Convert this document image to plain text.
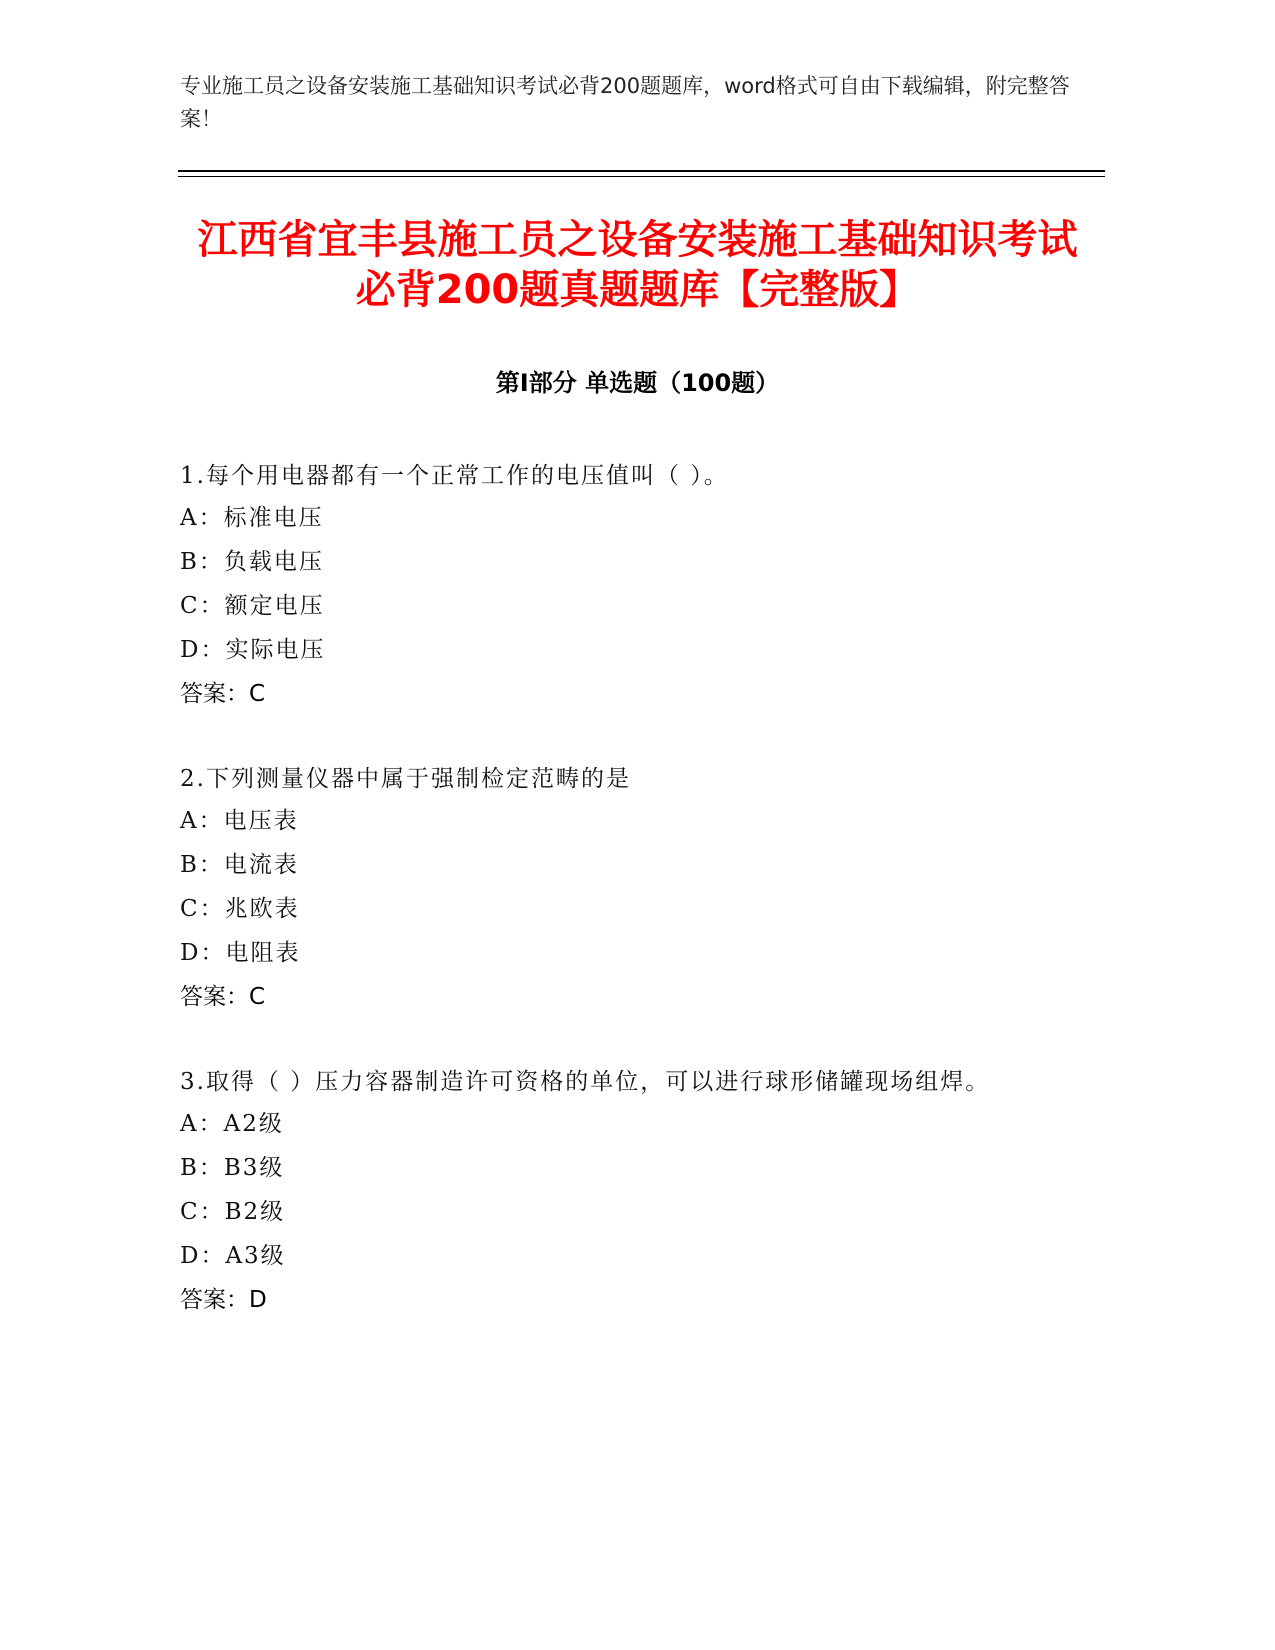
专业施工员之设备安装施工基础知识考试必背200题题库，word格式可自由下载编辑，附完整答案！
江西省宜丰县施工员之设备安装施工基础知识考试必背200题真题题库【完整版】
第I部分 单选题（100题）
1.每个用电器都有一个正常工作的电压值叫（ ）。
A：标准电压
B：负载电压
C：额定电压
D：实际电压
答案：C
2.下列测量仪器中属于强制检定范畴的是
A：电压表
B：电流表
C：兆欧表
D：电阻表
答案：C
3.取得（ ）压力容器制造许可资格的单位，可以进行球形储罐现场组焊。
A：A2级
B：B3级
C：B2级
D：A3级
答案：D
